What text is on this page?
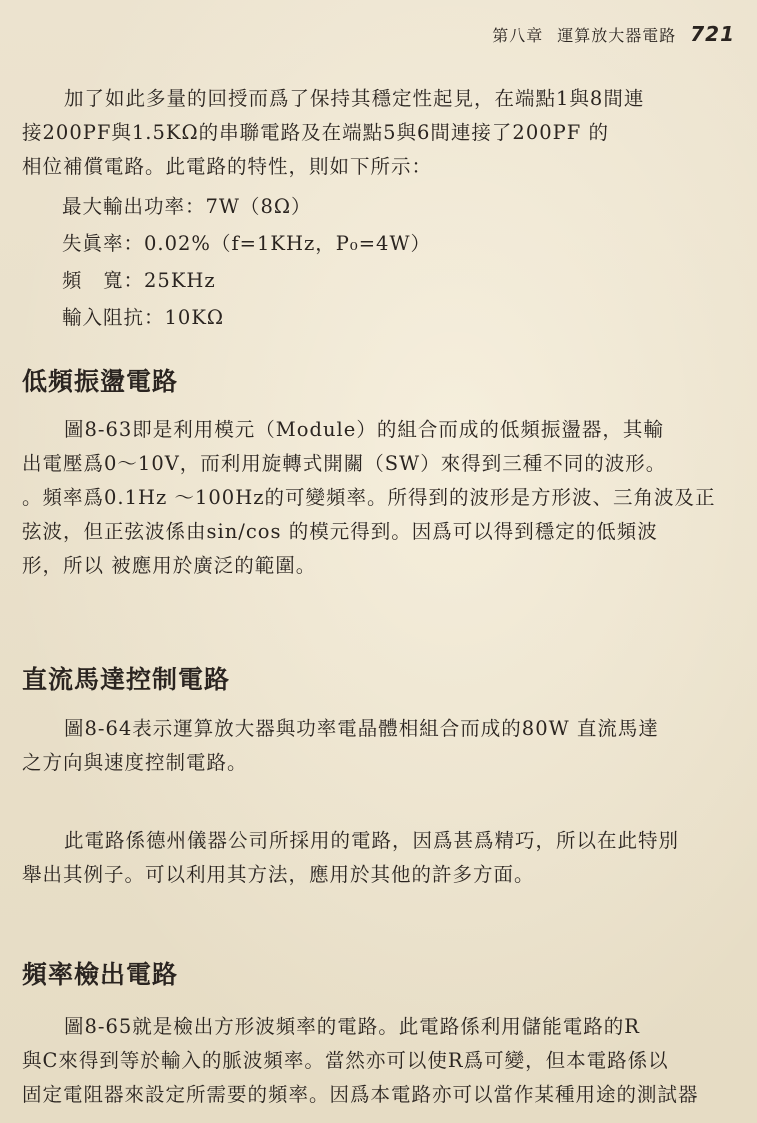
第八章 運算放大器電路 721

加了如此多量的回授而爲了保持其穩定性起見，在端點1與8間連
接200PF與1.5KΩ的串聯電路及在端點5與6間連接了200PF 的
相位補償電路。此電路的特性，則如下所示：

最大輸出功率：7W（8Ω）
失眞率：0.02%（f=1KHz，P₀=4W）
頻　寬：25KHz
輸入阻抗：10KΩ
低頻振盪電路

圖8-63即是利用模元（Module）的組合而成的低頻振盪器，其輸
出電壓爲0～10V，而利用旋轉式開關（SW）來得到三種不同的波形。
。頻率爲0.1Hz ～100Hz的可變頻率。所得到的波形是方形波、三角波及正
弦波，但正弦波係由sin/cos 的模元得到。因爲可以得到穩定的低頻波
形，所以 被應用於廣泛的範圍。

直流馬達控制電路

圖8-64表示運算放大器與功率電晶體相組合而成的80W 直流馬達
之方向與速度控制電路。

此電路係德州儀器公司所採用的電路，因爲甚爲精巧，所以在此特別
舉出其例子。可以利用其方法，應用於其他的許多方面。

頻率檢出電路

圖8-65就是檢出方形波頻率的電路。此電路係利用儲能電路的R
與C來得到等於輸入的脈波頻率。當然亦可以使R爲可變，但本電路係以
固定電阻器來設定所需要的頻率。因爲本電路亦可以當作某種用途的測試器
